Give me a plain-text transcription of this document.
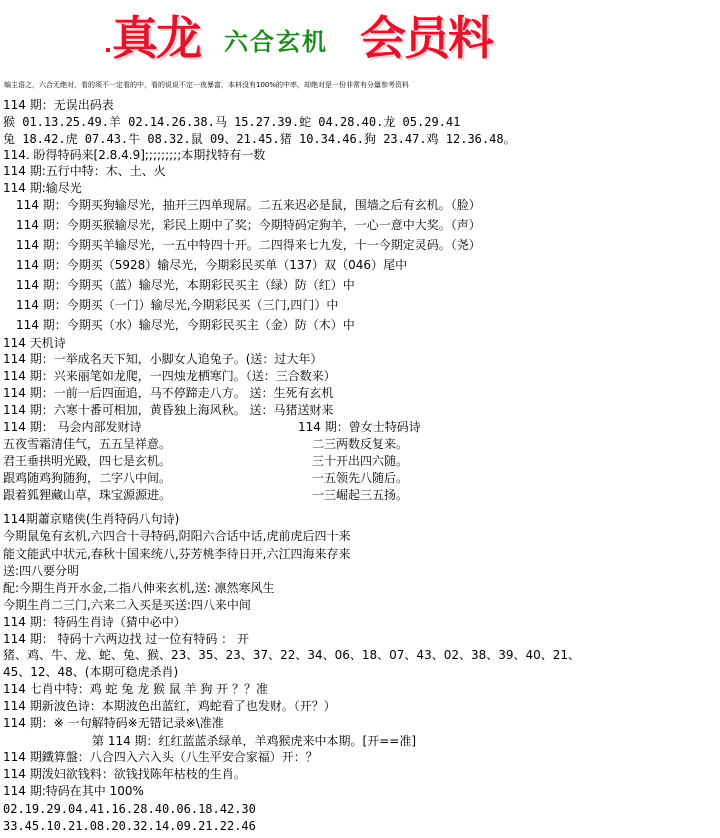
真龙 六合玄机 会员料
编主语之，六合无绝对，看的须不一定看的中，看的说说不定一夜暴富，本料没有100%的中率，却绝对是一份非常有分量参考资料
114 期：无误出码表
猴 01.13.25.49.羊 02.14.26.38.马 15.27.39.蛇 04.28.40.龙 05.29.41
兔 18.42.虎 07.43.牛 08.32.鼠 09、21.45.猪 10.34.46.狗 23.47.鸡 12.36.48。
114. 盼得特码来[2.8.4.9];;;;;;;;;本期找特有一数
114 期:五行中特：木、土、火
114 期:输尽光
114 期：今期买狗输尽光，抽开三四单现屌。二五来迟必是鼠，围墙之后有玄机。（脸）
114 期：今期买猴输尽光，彩民上期中了奖；今期特码定狗羊，一心一意中大奖。（声）
114 期：今期买羊输尽光，一五中特四十开。二四得来七九发，十一今期定灵码。（尧）
114 期：今期买（5928）输尽光，今期彩民买单（137）双（046）尾中
114 期：今期买（蓝）输尽光，本期彩民买主（绿）防（红）中
114 期：今期买（一门）输尽光,今期彩民买（三门,四门）中
114 期：今期买（水）输尽光，今期彩民买主（金）防（木）中
114 天机诗
114 期：一举成名天下知，小脚女人追兔子。(送：过大年）
114 期：兴来丽笔如龙爬，一四烛龙栖寒门。（送：三合数来）
114 期：一前一后四面追，马不停蹄走八方。 送：生死有玄机
114 期：六寒十番可相加，黄昏独上海风秋。 送：马猪送财来
114 期： 马会内部发财诗
五夜雪霜清佳气，五五呈祥意。
君王垂拱明光殿，四七是玄机。
跟鸡随鸡狗随狗，二字八中间。
跟着狐狸藏山草，珠宝源源进。
114期蕭京赌侠(生肖特码八句诗)
今期鼠兔有玄机,六四合十寻特码,阴阳六合话中话,虎前虎后四十来
能文能武中状元,春秋十国来统八,芬芳桃李待日开,六江四海来存来
送:四八要分明
配:今期生肖开水金,二指八伸来玄机,送: 凛然寒风生
今期生肖二三门,六来二入买是买送:四八来中间
114 期：特码生肖诗（猜中必中）
114 期： 特码十六两边找 过一位有特码 ： 开
猪、鸡、牛、龙、蛇、兔、猴、23、35、23、37、22、34、06、18、07、43、02、38、39、40、21、
45、12、48、(本期可稳虎杀肖)
114 七肖中特：鸡 蛇 兔 龙 猴 鼠 羊 狗 开 ？？准
114 期新波色诗：本期波色出蓝红，鸡蛇看了也发财。（开？）
114 期：※ 一句解特码※无错记录※\准准
第 114 期：红红蓝蓝杀绿单，羊鸡猴虎来中本期。[开==准]
114 期鐵算盤：八合四入六入头（八生平安合家福）开：？
114 期泼妇欲钱料：欲钱找陈年枯枝的生肖。
114 期:特码在其中 100%
02.19.29.04.41.16.28.40.06.18.42.30
33.45.10.21.08.20.32.14.09.21.22.46
114 期：曾女士特码诗
二三两数反复来。
三十开出四六随。
一五领先八随后。
一三崛起三五扬。
